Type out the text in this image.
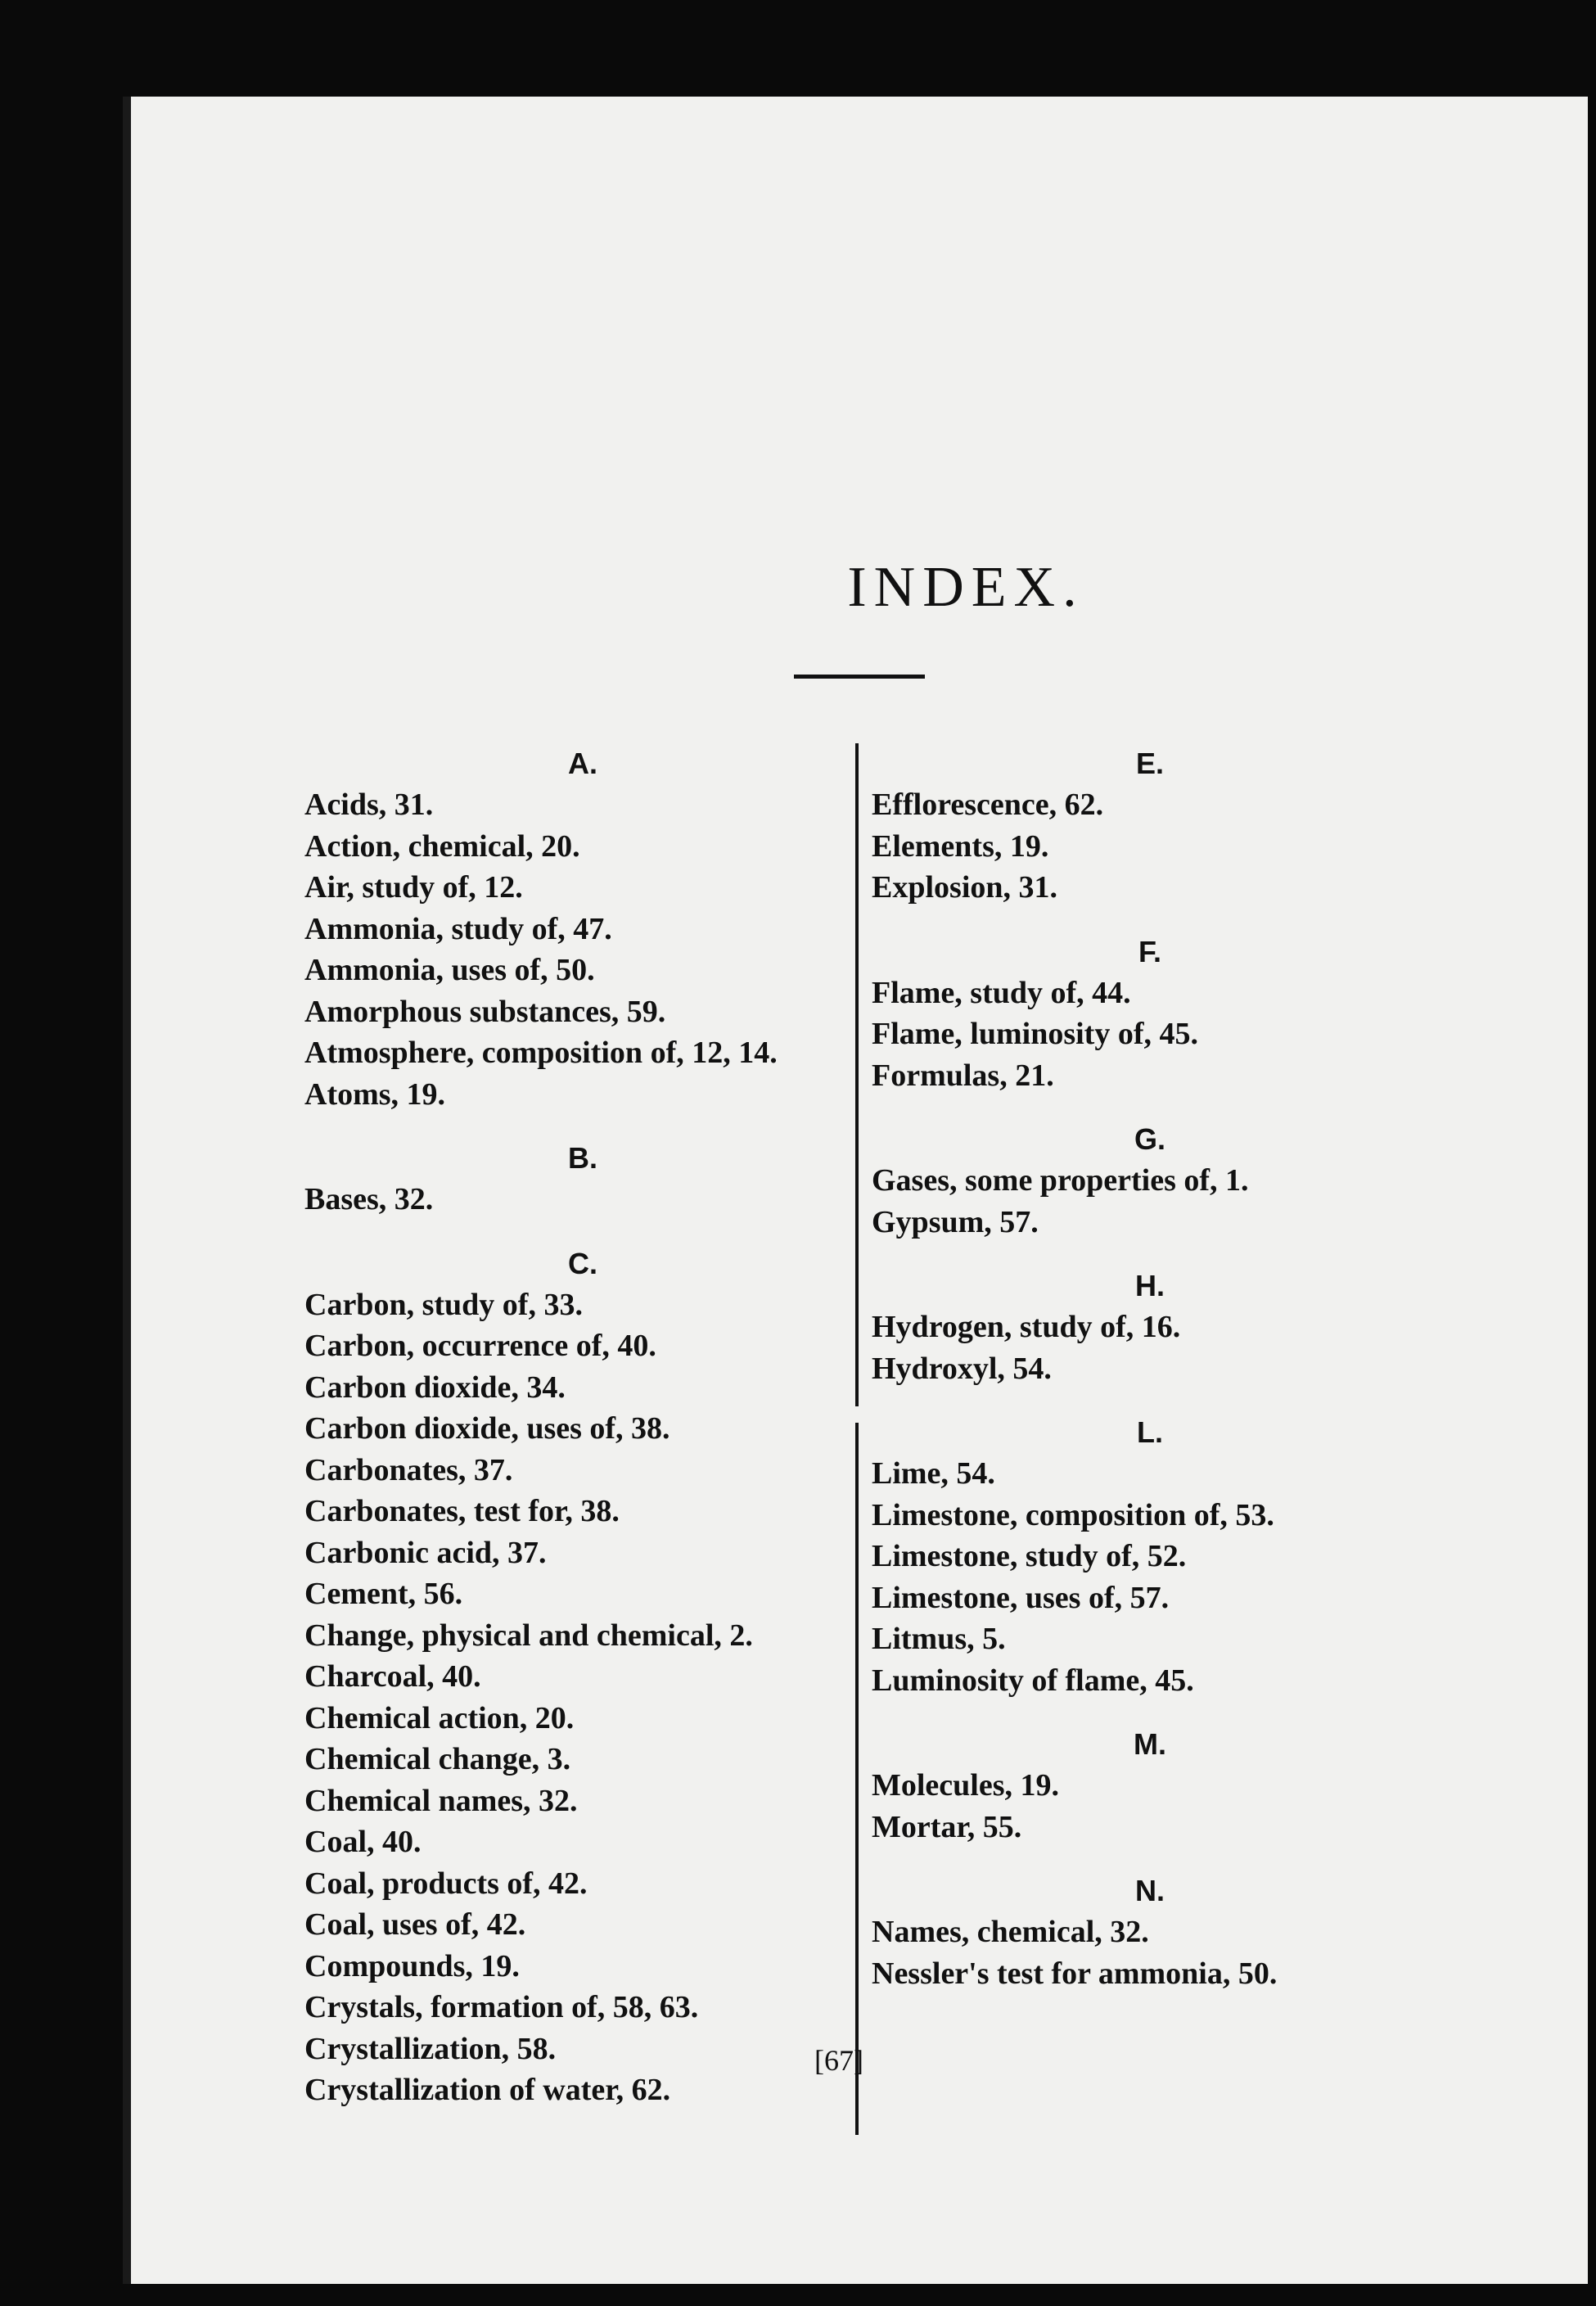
INDEX.
A.
Acids, 31.
Action, chemical, 20.
Air, study of, 12.
Ammonia, study of, 47.
Ammonia, uses of, 50.
Amorphous substances, 59.
Atmosphere, composition of, 12, 14.
Atoms, 19.
B.
Bases, 32.
C.
Carbon, study of, 33.
Carbon, occurrence of, 40.
Carbon dioxide, 34.
Carbon dioxide, uses of, 38.
Carbonates, 37.
Carbonates, test for, 38.
Carbonic acid, 37.
Cement, 56.
Change, physical and chemical, 2.
Charcoal, 40.
Chemical action, 20.
Chemical change, 3.
Chemical names, 32.
Coal, 40.
Coal, products of, 42.
Coal, uses of, 42.
Compounds, 19.
Crystals, formation of, 58, 63.
Crystallization, 58.
Crystallization of water, 62.
E.
Efflorescence, 62.
Elements, 19.
Explosion, 31.
F.
Flame, study of, 44.
Flame, luminosity of, 45.
Formulas, 21.
G.
Gases, some properties of, 1.
Gypsum, 57.
H.
Hydrogen, study of, 16.
Hydroxyl, 54.
L.
Lime, 54.
Limestone, composition of, 53.
Limestone, study of, 52.
Limestone, uses of, 57.
Litmus, 5.
Luminosity of flame, 45.
M.
Molecules, 19.
Mortar, 55.
N.
Names, chemical, 32.
Nessler's test for ammonia, 50.
[67]
